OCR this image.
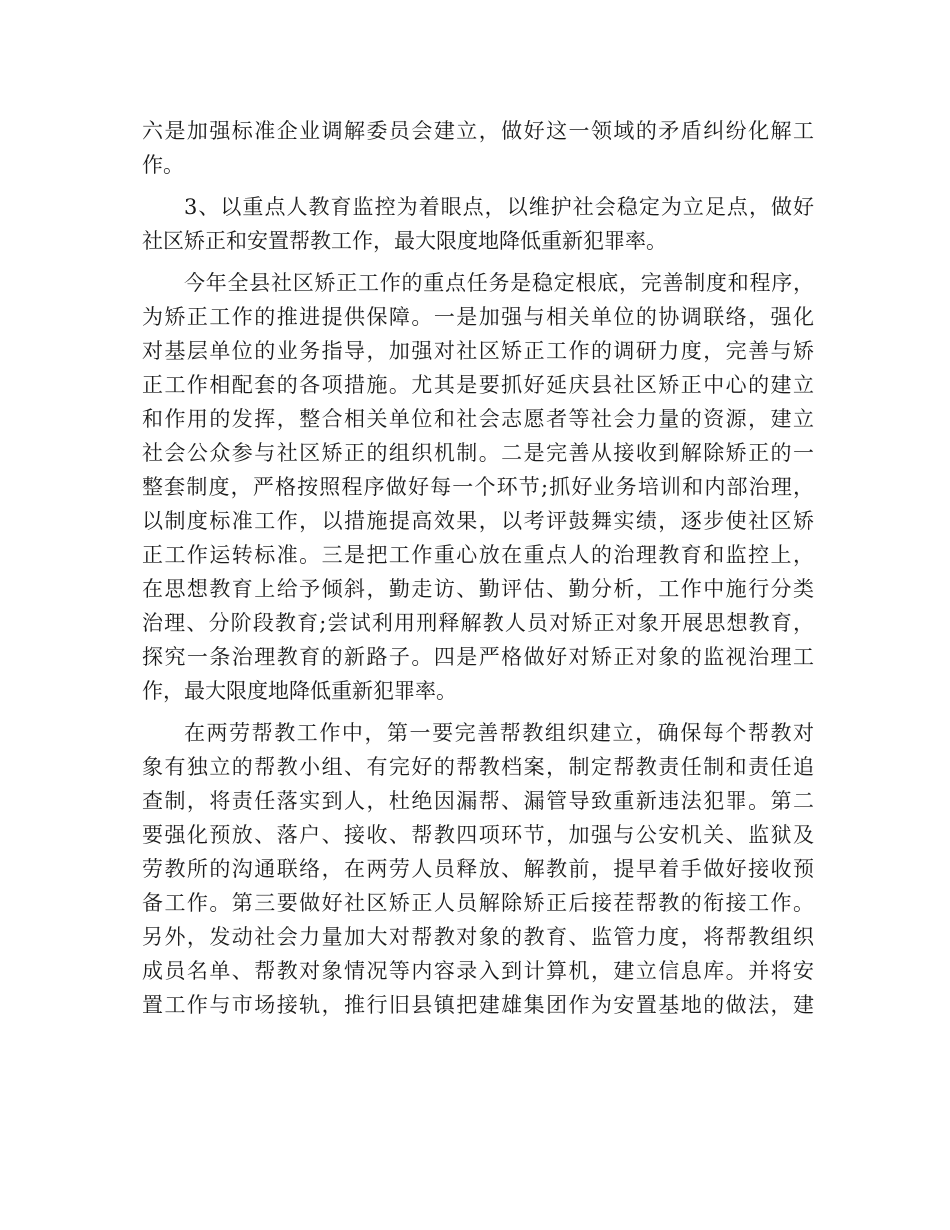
六是加强标准企业调解委员会建立，做好这一领域的矛盾纠纷化解工
作。
3、以重点人教育监控为着眼点，以维护社会稳定为立足点，做好
社区矫正和安置帮教工作，最大限度地降低重新犯罪率。
今年全县社区矫正工作的重点任务是稳定根底，完善制度和程序，
为矫正工作的推进提供保障。一是加强与相关单位的协调联络，强化
对基层单位的业务指导，加强对社区矫正工作的调研力度，完善与矫
正工作相配套的各项措施。尤其是要抓好延庆县社区矫正中心的建立
和作用的发挥，整合相关单位和社会志愿者等社会力量的资源，建立
社会公众参与社区矫正的组织机制。二是完善从接收到解除矫正的一
整套制度，严格按照程序做好每一个环节;抓好业务培训和内部治理，
以制度标准工作，以措施提高效果，以考评鼓舞实绩，逐步使社区矫
正工作运转标准。三是把工作重心放在重点人的治理教育和监控上，
在思想教育上给予倾斜，勤走访、勤评估、勤分析，工作中施行分类
治理、分阶段教育;尝试利用刑释解教人员对矫正对象开展思想教育，
探究一条治理教育的新路子。四是严格做好对矫正对象的监视治理工
作，最大限度地降低重新犯罪率。
在两劳帮教工作中，第一要完善帮教组织建立，确保每个帮教对
象有独立的帮教小组、有完好的帮教档案，制定帮教责任制和责任追
查制，将责任落实到人，杜绝因漏帮、漏管导致重新违法犯罪。第二
要强化预放、落户、接收、帮教四项环节，加强与公安机关、监狱及
劳教所的沟通联络，在两劳人员释放、解教前，提早着手做好接收预
备工作。第三要做好社区矫正人员解除矫正后接茬帮教的衔接工作。
另外，发动社会力量加大对帮教对象的教育、监管力度，将帮教组织
成员名单、帮教对象情况等内容录入到计算机，建立信息库。并将安
置工作与市场接轨，推行旧县镇把建雄集团作为安置基地的做法，建
